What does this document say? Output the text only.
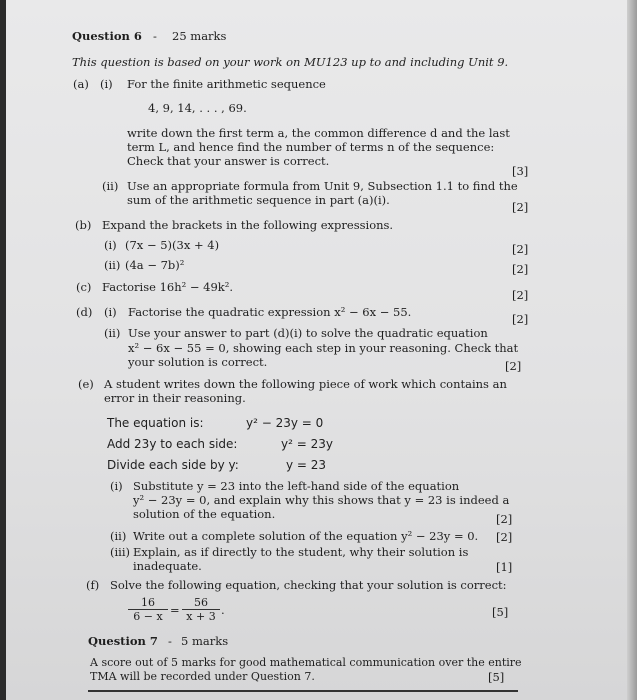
Question 6 - 25 marks
This question is based on your work on MU123 up to and including Unit 9.
(a) (i) For the finite arithmetic sequence
4, 9, 14, . . . , 69.
write down the first term a, the common difference d and the last
term L, and hence find the number of terms n of the sequence:
Check that your answer is correct.
[3]
(ii) Use an appropriate formula from Unit 9, Subsection 1.1 to find the
sum of the arithmetic sequence in part (a)(i).	[2]
(b) Expand the brackets in the following expressions.
(i) (7x − 5)(3x + 4)	[2]
(ii) (4a − 7b)²	[2]
(c) Factorise 16h² − 49k².
[2]
(d) (i) Factorise the quadratic expression x² − 6x − 55.	[2]
(ii) Use your answer to part (d)(i) to solve the quadratic equation
x² − 6x − 55 = 0, showing each step in your reasoning. Check that
your solution is correct.	[2]
(e) A student writes down the following piece of work which contains an
error in their reasoning.
The equation is:	y² − 23y = 0
Add 23y to each side:	y² = 23y
Divide each side by y:	y = 23
(i) Substitute y = 23 into the left-hand side of the equation
y² − 23y = 0, and explain why this shows that y = 23 is indeed a
solution of the equation.	[2]
(ii) Write out a complete solution of the equation y² − 23y = 0. [2]
(iii) Explain, as if directly to the student, why their solution is
inadequate.	[1]
(f) Solve the following equation, checking that your solution is correct:
$\frac{16}{6 - x} = \frac{56}{x + 3}$ .	[5]
Question 7 - 5 marks
A score out of 5 marks for good mathematical communication over the entire
TMA will be recorded under Question 7.	[5]
